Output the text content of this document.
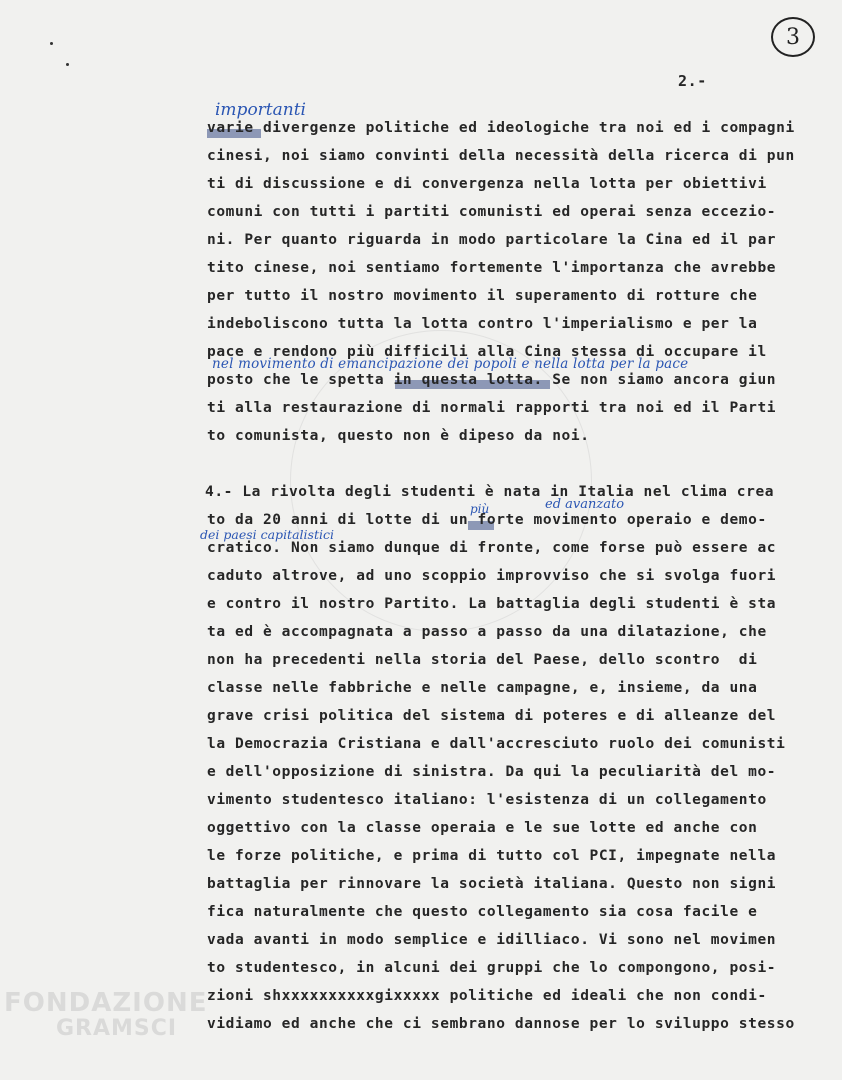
3
2.-
importanti
nel movimento di emancipazione dei popoli e nella lotta per la pace
più	ed avanzato
dei paesi capitalistici
varie divergenze politiche ed ideologiche tra noi ed i compagni
cinesi, noi siamo convinti della necessità della ricerca di pun
ti di discussione e di convergenza nella lotta per obiettivi
comuni con tutti i partiti comunisti ed operai senza eccezio-
ni. Per quanto riguarda in modo particolare la Cina ed il par
tito cinese, noi sentiamo fortemente l'importanza che avrebbe
per tutto il nostro movimento il superamento di rotture che
indeboliscono tutta la lotta contro l'imperialismo e per la
pace e rendono più difficili alla Cina stessa di occupare il
posto che le spetta in questa lotta. Se non siamo ancora giun
ti alla restaurazione di normali rapporti tra noi ed il Parti
to comunista, questo non è dipeso da noi.
4.- La rivolta degli studenti è nata in Italia nel clima crea
to da 20 anni di lotte di un forte movimento operaio e demo-
cratico. Non siamo dunque di fronte, come forse può essere ac
caduto altrove, ad uno scoppio improvviso che si svolga fuori
e contro il nostro Partito. La battaglia degli studenti è sta
ta ed è accompagnata a passo a passo da una dilatazione, che
non ha precedenti nella storia del Paese, dello scontro  di
classe nelle fabbriche e nelle campagne, e, insieme, da una
grave crisi politica del sistema di poteres e di alleanze del
la Democrazia Cristiana e dall'accresciuto ruolo dei comunisti
e dell'opposizione di sinistra. Da qui la peculiarità del mo-
vimento studentesco italiano: l'esistenza di un collegamento
oggettivo con la classe operaia e le sue lotte ed anche con
le forze politiche, e prima di tutto col PCI, impegnate nella
battaglia per rinnovare la società italiana. Questo non signi
fica naturalmente che questo collegamento sia cosa facile e
vada avanti in modo semplice e idilliaco. Vi sono nel movimen
to studentesco, in alcuni dei gruppi che lo compongono, posi-
zioni shxxxxxxxxxxgixxxxx politiche ed ideali che non condi-
vidiamo ed anche che ci sembrano dannose per lo sviluppo stesso
FONDAZIONE
GRAMSCI
